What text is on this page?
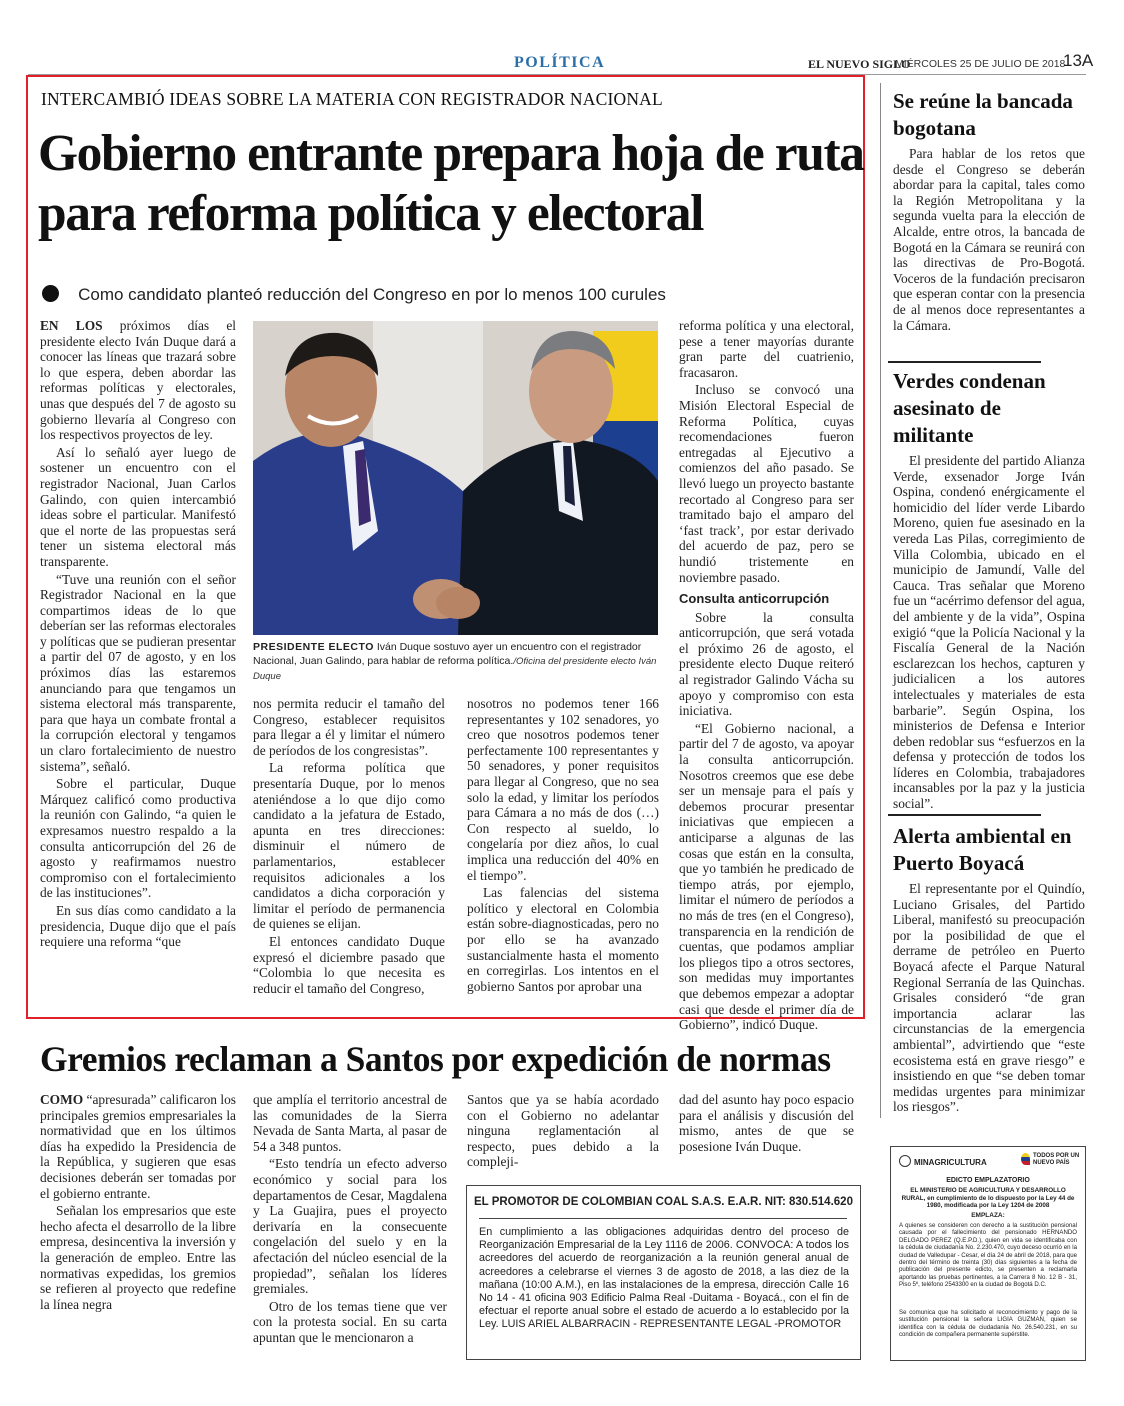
POLÍTICA	EL NUEVO SIGLO
MIÉRCOLES 25 DE JULIO DE 2018
13A
INTERCAMBIÓ IDEAS SOBRE LA MATERIA CON REGISTRADOR NACIONAL
Gobierno entrante prepara hoja de ruta para reforma política y electoral
Como candidato planteó reducción del Congreso en por lo menos 100 curules

EN LOS próximos días el presidente electo Iván Duque dará a conocer las líneas que trazará sobre lo que espera, deben abordar las reformas políticas y electorales, unas que después del 7 de agosto su gobierno llevaría al Congreso con los respectivos proyectos de ley.

Así lo señaló ayer luego de sostener un encuentro con el registrador Nacional, Juan Carlos Galindo, con quien intercambió ideas sobre el particular. Manifestó que el norte de las propuestas será tener un sistema electoral más transparente.

“Tuve una reunión con el señor Registrador Nacional en la que compartimos ideas de lo que deberían ser las reformas electorales y políticas que se pudieran presentar a partir del 07 de agosto, y en los próximos días las estaremos anunciando para que tengamos un sistema electoral más transparente, para que haya un combate frontal a la corrupción electoral y tengamos un claro fortalecimiento de nuestro sistema”, señaló.

Sobre el particular, Duque Márquez calificó como productiva la reunión con Galindo, “a quien le expresamos nuestro respaldo a la consulta anticorrupción del 26 de agosto y reafirmamos nuestro compromiso con el fortalecimiento de las instituciones”.

En sus días como candidato a la presidencia, Duque dijo que el país requiere una reforma “que

PRESIDENTE ELECTO Iván Duque sostuvo ayer un encuentro con el registrador Nacional, Juan Galindo, para hablar de reforma política./Oficina del presidente electo Iván Duque

nos permita reducir el tamaño del Congreso, establecer requisitos para llegar a él y limitar el número de períodos de los congresistas”.

La reforma política que presentaría Duque, por lo menos ateniéndose a lo que dijo como candidato a la jefatura de Estado, apunta en tres direcciones: disminuir el número de parlamentarios, establecer requisitos adicionales a los candidatos a dicha corporación y limitar el período de permanencia de quienes se elijan.

El entonces candidato Duque expresó el diciembre pasado que “Colombia lo que necesita es reducir el tamaño del Congreso,

nosotros no podemos tener 166 representantes y 102 senadores, yo creo que nosotros podemos tener perfectamente 100 representantes y 50 senadores, y poner requisitos para llegar al Congreso, que no sea solo la edad, y limitar los períodos para Cámara a no más de dos (…) Con respecto al sueldo, lo congelaría por diez años, lo cual implica una reducción del 40% en el tiempo”.

Las falencias del sistema político y electoral en Colombia están sobre-diagnosticadas, pero no por ello se ha avanzado sustancialmente hasta el momento en corregirlas. Los intentos en el gobierno Santos por aprobar una

reforma política y una electoral, pese a tener mayorías durante gran parte del cuatrienio, fracasaron.

Incluso se convocó una Misión Electoral Especial de Reforma Política, cuyas recomendaciones fueron entregadas al Ejecutivo a comienzos del año pasado. Se llevó luego un proyecto bastante recortado al Congreso para ser tramitado bajo el amparo del ‘fast track’, por estar derivado del acuerdo de paz, pero se hundió tristemente en noviembre pasado.

Consulta anticorrupción

Sobre la consulta anticorrupción, que será votada el próximo 26 de agosto, el presidente electo Duque reiteró al registrador Galindo Vácha su apoyo y compromiso con esta iniciativa.

“El Gobierno nacional, a partir del 7 de agosto, va apoyar la consulta anticorrupción. Nosotros creemos que ese debe ser un mensaje para el país y debemos procurar presentar iniciativas que empiecen a anticiparse a algunas de las cosas que están en la consulta, que yo también he predicado de tiempo atrás, por ejemplo, limitar el número de períodos a no más de tres (en el Congreso), transparencia en la rendición de cuentas, que podamos ampliar los pliegos tipo a otros sectores, son medidas muy importantes que debemos empezar a adoptar casi que desde el primer día de Gobierno”, indicó Duque.

Gremios reclaman a Santos por expedición de normas

COMO “apresurada” calificaron los principales gremios empresariales la normatividad que en los últimos días ha expedido la Presidencia de la República, y sugieren que esas decisiones deberán ser tomadas por el gobierno entrante.

Señalan los empresarios que este hecho afecta el desarrollo de la libre empresa, desincentiva la inversión y la generación de empleo. Entre las normativas expedidas, los gremios se refieren al proyecto que redefine la línea negra

que amplía el territorio ancestral de las comunidades de la Sierra Nevada de Santa Marta, al pasar de 54 a 348 puntos.

“Esto tendría un efecto adverso económico y social para los departamentos de Cesar, Magdalena y La Guajira, pues el proyecto derivaría en la consecuente congelación del suelo y en la afectación del núcleo esencial de la propiedad”, señalan los líderes gremiales.

Otro de los temas tiene que ver con la protesta social. En su carta apuntan que le mencionaron a

Santos que ya se había acordado con el Gobierno no adelantar ninguna reglamentación al respecto, pues debido a la compleji-

dad del asunto hay poco espacio para el análisis y discusión del mismo, antes de que se posesione Iván Duque.

EL PROMOTOR DE COLOMBIAN COAL S.A.S. E.A.R. NIT: 830.514.620
En cumplimiento a las obligaciones adquiridas dentro del proceso de Reorganización Empresarial de la Ley 1116 de 2006. CONVOCA: A todos los acreedores del acuerdo de reorganización a la reunión general anual de acreedores a celebrarse el viernes 3 de agosto de 2018, a las diez de la mañana (10:00 A.M.), en las instalaciones de la empresa, dirección Calle 16 No 14 - 41 oficina 903 Edificio Palma Real -Duitama - Boyacá., con el fin de efectuar el reporte anual sobre el estado de acuerdo a lo establecido por la Ley. LUIS ARIEL ALBARRACIN - REPRESENTANTE LEGAL -PROMOTOR
Se reúne la bancada bogotana

Para hablar de los retos que desde el Congreso se deberán abordar para la capital, tales como la Región Metropolitana y la segunda vuelta para la elección de Alcalde, entre otros, la bancada de Bogotá en la Cámara se reunirá con las directivas de Pro-Bogotá. Voceros de la fundación precisaron que esperan contar con la presencia de al menos doce representantes a la Cámara.

Verdes condenan asesinato de militante

El presidente del partido Alianza Verde, exsenador Jorge Iván Ospina, condenó enérgicamente el homicidio del líder verde Libardo Moreno, quien fue asesinado en la vereda Las Pilas, corregimiento de Villa Colombia, ubicado en el municipio de Jamundí, Valle del Cauca. Tras señalar que Moreno fue un “acérrimo defensor del agua, del ambiente y de la vida”, Ospina exigió “que la Policía Nacional y la Fiscalía General de la Nación esclarezcan los hechos, capturen y judicialicen a los autores intelectuales y materiales de esta barbarie”. Según Ospina, los ministerios de Defensa e Interior deben redoblar sus “esfuerzos en la defensa y protección de todos los líderes en Colombia, trabajadores incansables por la paz y la justicia social”.

Alerta ambiental en Puerto Boyacá

El representante por el Quindío, Luciano Grisales, del Partido Liberal, manifestó su preocupación por la posibilidad de que el derrame de petróleo en Puerto Boyacá afecte el Parque Natural Regional Serranía de las Quinchas. Grisales consideró “de gran importancia aclarar las circunstancias de la emergencia ambiental”, advirtiendo que “este ecosistema está en grave riesgo” e insistiendo en que “se deben tomar medidas urgentes para minimizar los riesgos”.

MINAGRICULTURA
TODOS POR UN NUEVO PAÍS
EDICTO EMPLAZATORIO
EL MINISTERIO DE AGRICULTURA Y DESARROLLO RURAL, en cumplimiento de lo dispuesto por la Ley 44 de 1980, modificada por la Ley 1204 de 2008
EMPLAZA:
A quienes se consideren con derecho a la sustitución pensional causada por el fallecimiento del pensionado HERNANDO DELGADO PEREZ (Q.E.P.D.), quien en vida se identificaba con la cédula de ciudadanía No. 2.230.470, cuyo deceso ocurrió en la ciudad de Valledupar - Cesar, el día 24 de abril de 2018, para que dentro del término de treinta (30) días siguientes a la fecha de publicación del presente edicto, se presenten a reclamarla aportando las pruebas pertinentes, a la Carrera 8 No. 12 B - 31, Piso 5º, teléfono 2543300 en la ciudad de Bogotá D.C.
Se comunica que ha solicitado el reconocimiento y pago de la sustitución pensional la señora LIGIA GUZMAN, quien se identifica con la cédula de ciudadanía No. 26.540.231, en su condición de compañera permanente supérstite.
